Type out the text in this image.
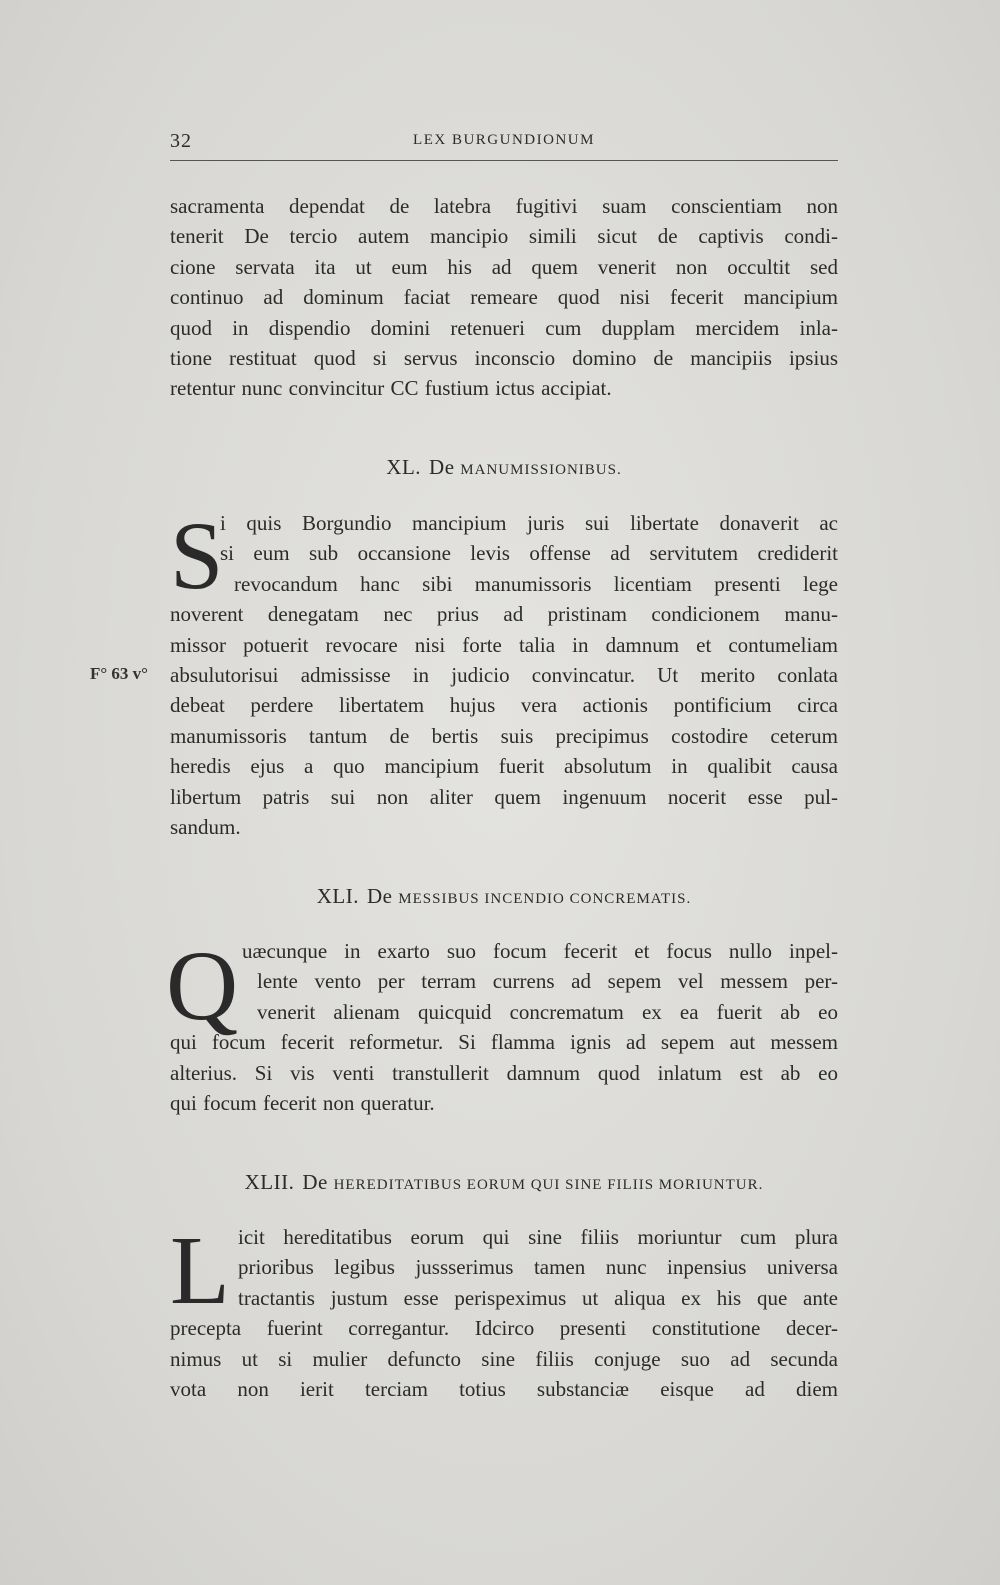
32	LEX BURGUNDIONUM
sacramenta dependat de latebra fugitivi suam conscientiam non
tenerit De tercio autem mancipio simili sicut de captivis condi-
cione servata ita ut eum his ad quem venerit non occultit sed
continuo ad dominum faciat remeare quod nisi fecerit mancipium
quod in dispendio domini retenueri cum dupplam mercidem inla-
tione restituat quod si servus inconscio domino de mancipiis ipsius
retentur nunc convincitur CC fustium ictus accipiat.
XL. De MANUMISSIONIBUS.
S
i quis Borgundio mancipium juris sui libertate donaverit ac
si eum sub occansione levis offense ad servitutem crediderit
revocandum hanc sibi manumissoris licentiam presenti lege
noverent denegatam nec prius ad pristinam condicionem manu-
missor potuerit revocare nisi forte talia in damnum et contumeliam
absulutorisui admississe in judicio convincatur. Ut merito conlata
debeat perdere libertatem hujus vera actionis pontificium circa
manumissoris tantum de bertis suis precipimus costodire ceterum
heredis ejus a quo mancipium fuerit absolutum in qualibit causa
libertum patris sui non aliter quem ingenuum nocerit esse pul-
sandum.
F° 63 v°
XLI. De MESSIBUS INCENDIO CONCREMATIS.
Q uæcunque in exarto suo focum fecerit et focus nullo inpel-
lente vento per terram currens ad sepem vel messem per-
venerit alienam quicquid concrematum ex ea fuerit ab eo
qui focum fecerit reformetur. Si flamma ignis ad sepem aut messem
alterius. Si vis venti transtullerit damnum quod inlatum est ab eo
qui focum fecerit non queratur.
XLII. De HEREDITATIBUS EORUM QUI SINE FILIIS MORIUNTUR.
L icit hereditatibus eorum qui sine filiis moriuntur cum plura
prioribus legibus jussserimus tamen nunc inpensius universa
tractantis justum esse perispeximus ut aliqua ex his que ante
precepta fuerint corregantur. Idcirco presenti constitutione decer-
nimus ut si mulier defuncto sine filiis conjuge suo ad secunda
vota non ierit terciam totius substanciæ eisque ad diem
